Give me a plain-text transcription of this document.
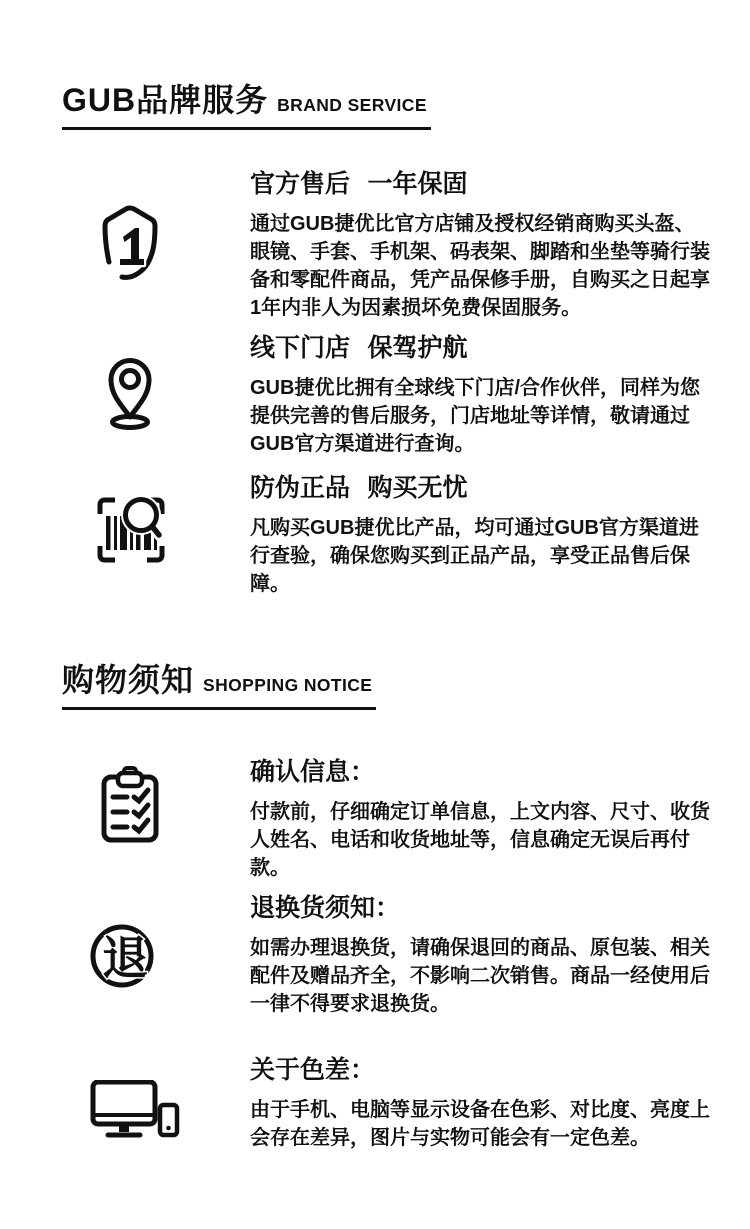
GUB品牌服务 BRAND SERVICE
官方售后 一年保固
通过GUB捷优比官方店铺及授权经销商购买头盔、眼镜、手套、手机架、码表架、脚踏和坐垫等骑行装备和零配件商品，凭产品保修手册，自购买之日起享1年内非人为因素损坏免费保固服务。
线下门店 保驾护航
GUB捷优比拥有全球线下门店/合作伙伴，同样为您提供完善的售后服务，门店地址等详情，敬请通过GUB官方渠道进行查询。
防伪正品 购买无忧
凡购买GUB捷优比产品，均可通过GUB官方渠道进行查验，确保您购买到正品产品，享受正品售后保障。
购物须知 SHOPPING NOTICE
确认信息：
付款前，仔细确定订单信息，上文内容、尺寸、收货人姓名、电话和收货地址等，信息确定无误后再付款。
退
退换货须知：
如需办理退换货，请确保退回的商品、原包装、相关配件及赠品齐全，不影响二次销售。商品一经使用后一律不得要求退换货。
关于色差：
由于手机、电脑等显示设备在色彩、对比度、亮度上会存在差异，图片与实物可能会有一定色差。
